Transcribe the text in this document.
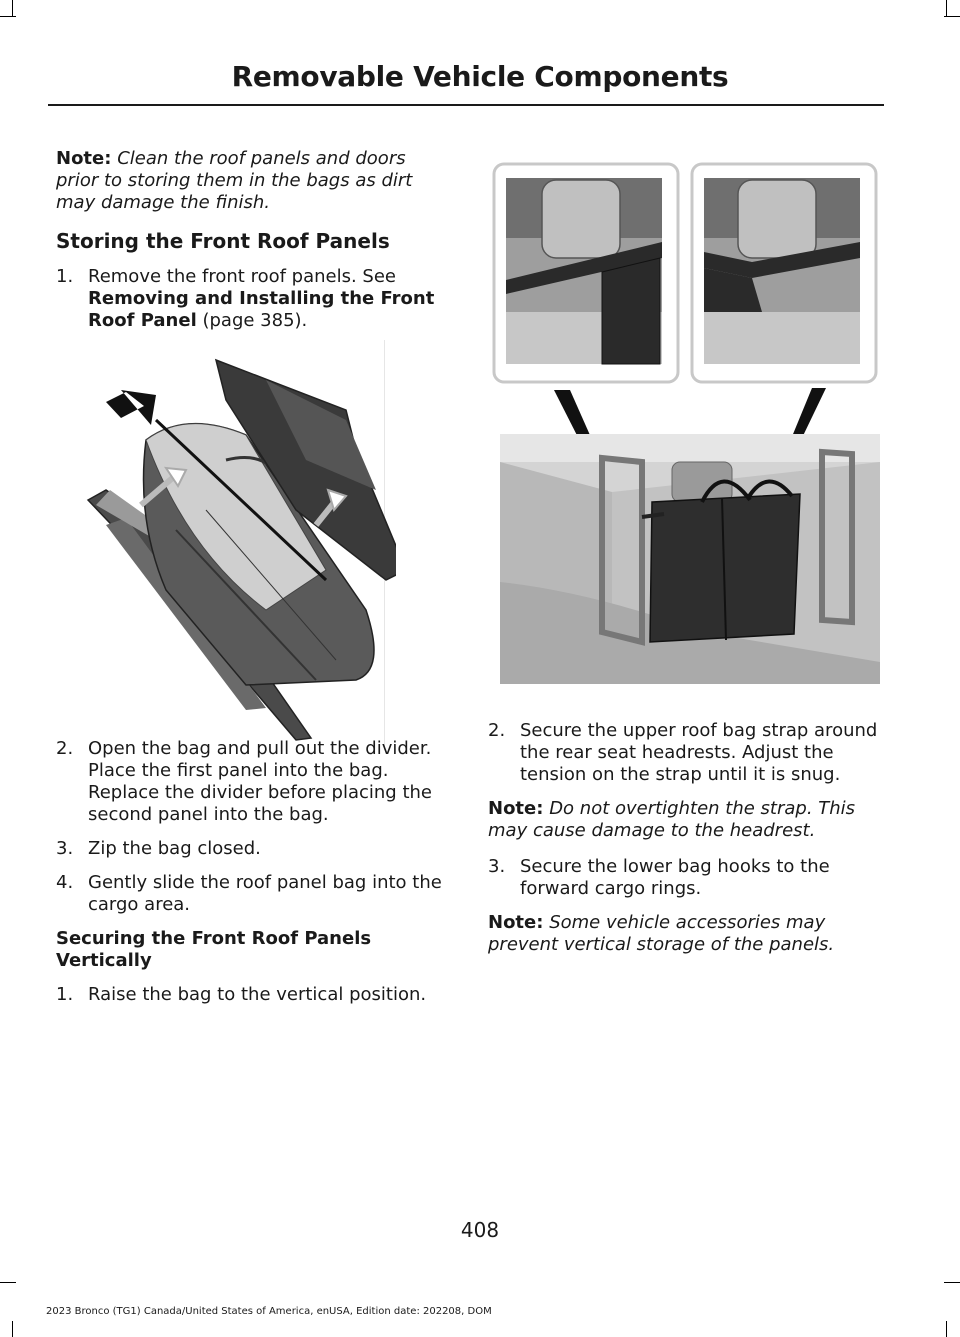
Removable Vehicle Components

Note: Clean the roof panels and doors prior to storing them in the bags as dirt may damage the finish.

Storing the Front Roof Panels
1. Remove the front roof panels. See Removing and Installing the Front Roof Panel (page 385).
2. Open the bag and pull out the divider. Place the first panel into the bag. Replace the divider before placing the second panel into the bag.
3. Zip the bag closed.
4. Gently slide the roof panel bag into the cargo area.
Securing the Front Roof Panels Vertically
1. Raise the bag to the vertical position.
2. Secure the upper roof bag strap around the rear seat headrests. Adjust the tension on the strap until it is snug.

Note: Do not overtighten the strap. This may cause damage to the headrest.

3. Secure the lower bag hooks to the forward cargo rings.

Note: Some vehicle accessories may prevent vertical storage of the panels.

408
2023 Bronco (TG1) Canada/United States of America, enUSA, Edition date: 202208, DOM
